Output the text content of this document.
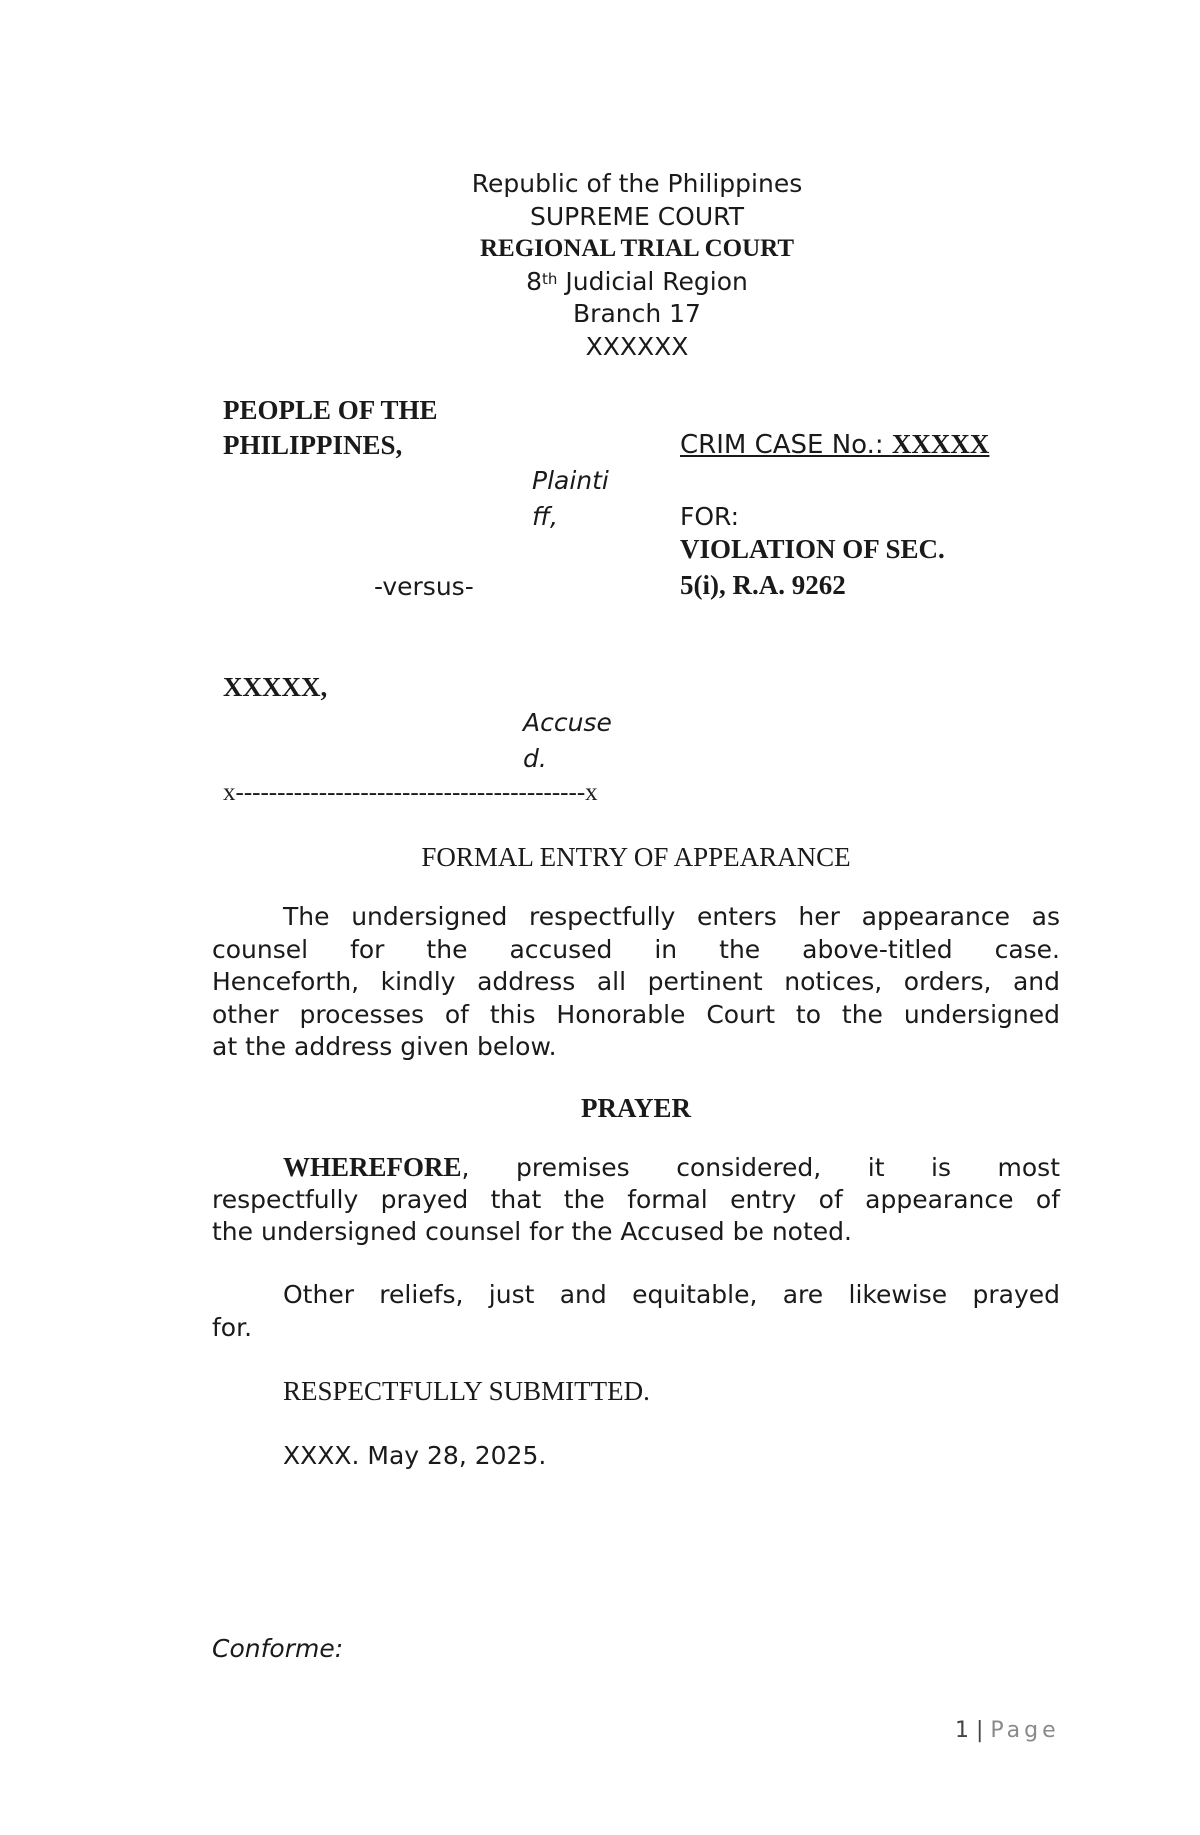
Republic of the Philippines
SUPREME COURT
REGIONAL TRIAL COURT
8th Judicial Region
Branch 17
XXXXXX
PEOPLE OF THE
PHILIPPINES,
Plainti
ff,
-versus-
XXXXX,
Accuse
d.
x------------------------------------------x
CRIM CASE No.: XXXXX
FOR:
VIOLATION OF SEC.
5(i), R.A. 9262
FORMAL ENTRY OF APPEARANCE
The undersigned respectfully enters her appearance as
counsel for the accused in the above-titled case.
Henceforth, kindly address all pertinent notices, orders, and
other processes of this Honorable Court to the undersigned
at the address given below.
PRAYER
WHEREFORE, premises considered, it is most
respectfully prayed that the formal entry of appearance of
the undersigned counsel for the Accused be noted.
Other reliefs, just and equitable, are likewise prayed
for.
RESPECTFULLY SUBMITTED.
XXXX. May 28, 2025.
Conforme:
1 | Page
